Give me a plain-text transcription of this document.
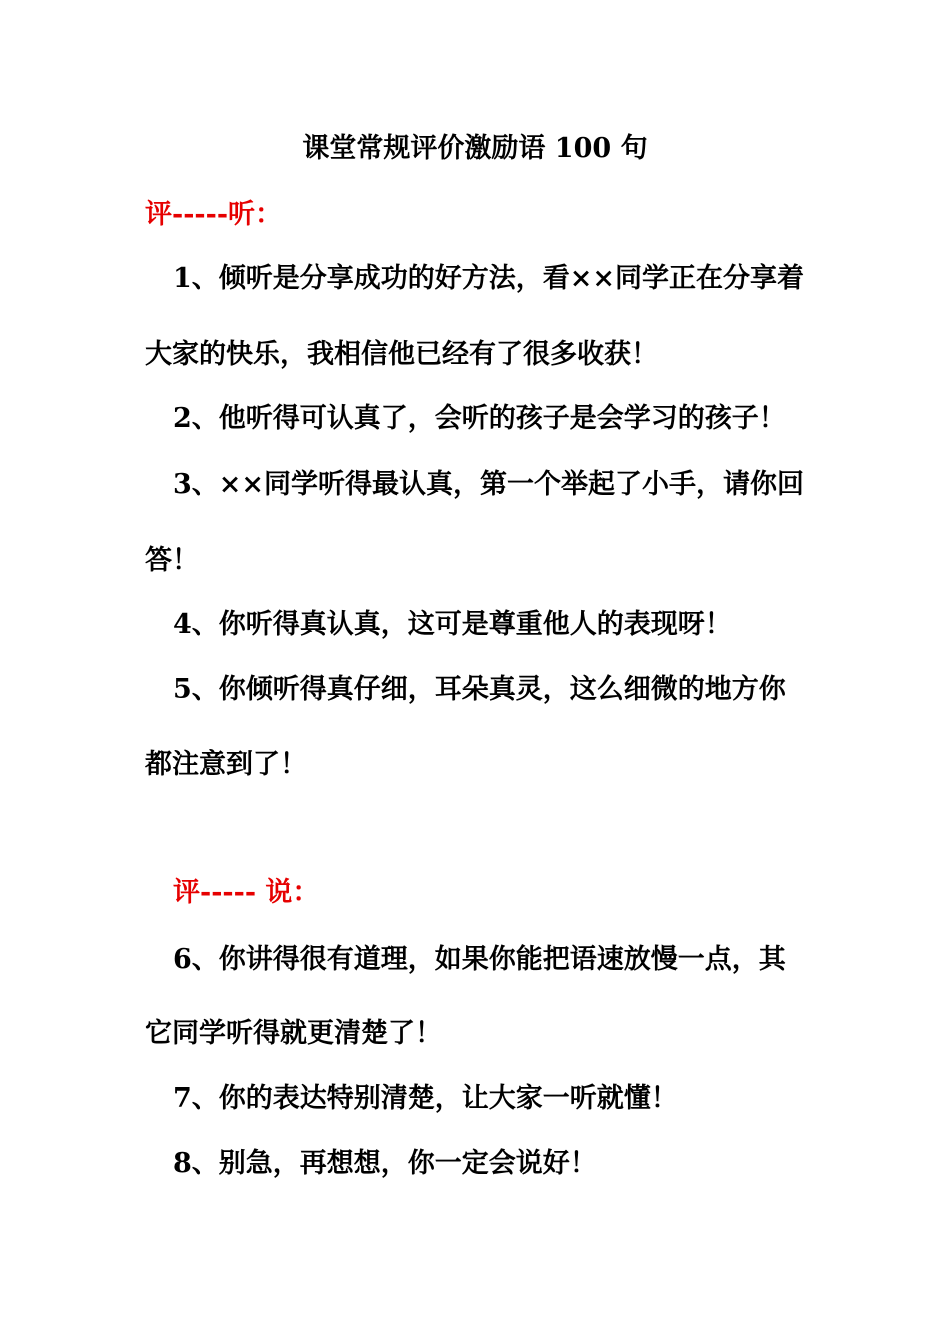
课堂常规评价激励语 100 句
评-----听：
1、倾听是分享成功的好方法，看××同学正在分享着
大家的快乐，我相信他已经有了很多收获！
2、他听得可认真了，会听的孩子是会学习的孩子！
3、××同学听得最认真，第一个举起了小手，请你回
答！
4、你听得真认真，这可是尊重他人的表现呀！
5、你倾听得真仔细，耳朵真灵，这么细微的地方你
都注意到了！
评----- 说：
6、你讲得很有道理，如果你能把语速放慢一点，其
它同学听得就更清楚了！
7、你的表达特别清楚，让大家一听就懂！
8、别急，再想想，你一定会说好！
